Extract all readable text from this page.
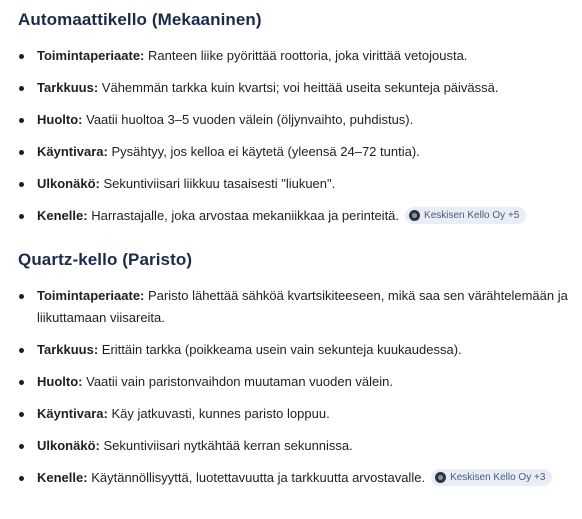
Automaattikello (Mekaaninen)
Toimintaperiaate: Ranteen liike pyörittää roottoria, joka virittää vetojousta.
Tarkkuus: Vähemmän tarkka kuin kvartsi; voi heittää useita sekunteja päivässä.
Huolto: Vaatii huoltoa 3–5 vuoden välein (öljynvaihto, puhdistus).
Käyntivara: Pysähtyy, jos kelloa ei käytetä (yleensä 24–72 tuntia).
Ulkonäkö: Sekuntiviisari liikkuu tasaisesti "liukuen".
Kenelle: Harrastajalle, joka arvostaa mekaniikkaa ja perinteitä.	Keskisen Kello Oy +5
Quartz-kello (Paristo)
Toimintaperiaate: Paristo lähettää sähköä kvartsikiteeseen, mikä saa sen värähtelemään ja liikuttamaan viisareita.
Tarkkuus: Erittäin tarkka (poikkeama usein vain sekunteja kuukaudessa).
Huolto: Vaatii vain paristonvaihdon muutaman vuoden välein.
Käyntivara: Käy jatkuvasti, kunnes paristo loppuu.
Ulkonäkö: Sekuntiviisari nytkähtää kerran sekunnissa.
Kenelle: Käytännöllisyyttä, luotettavuutta ja tarkkuutta arvostavalle.	Keskisen Kello Oy +3
